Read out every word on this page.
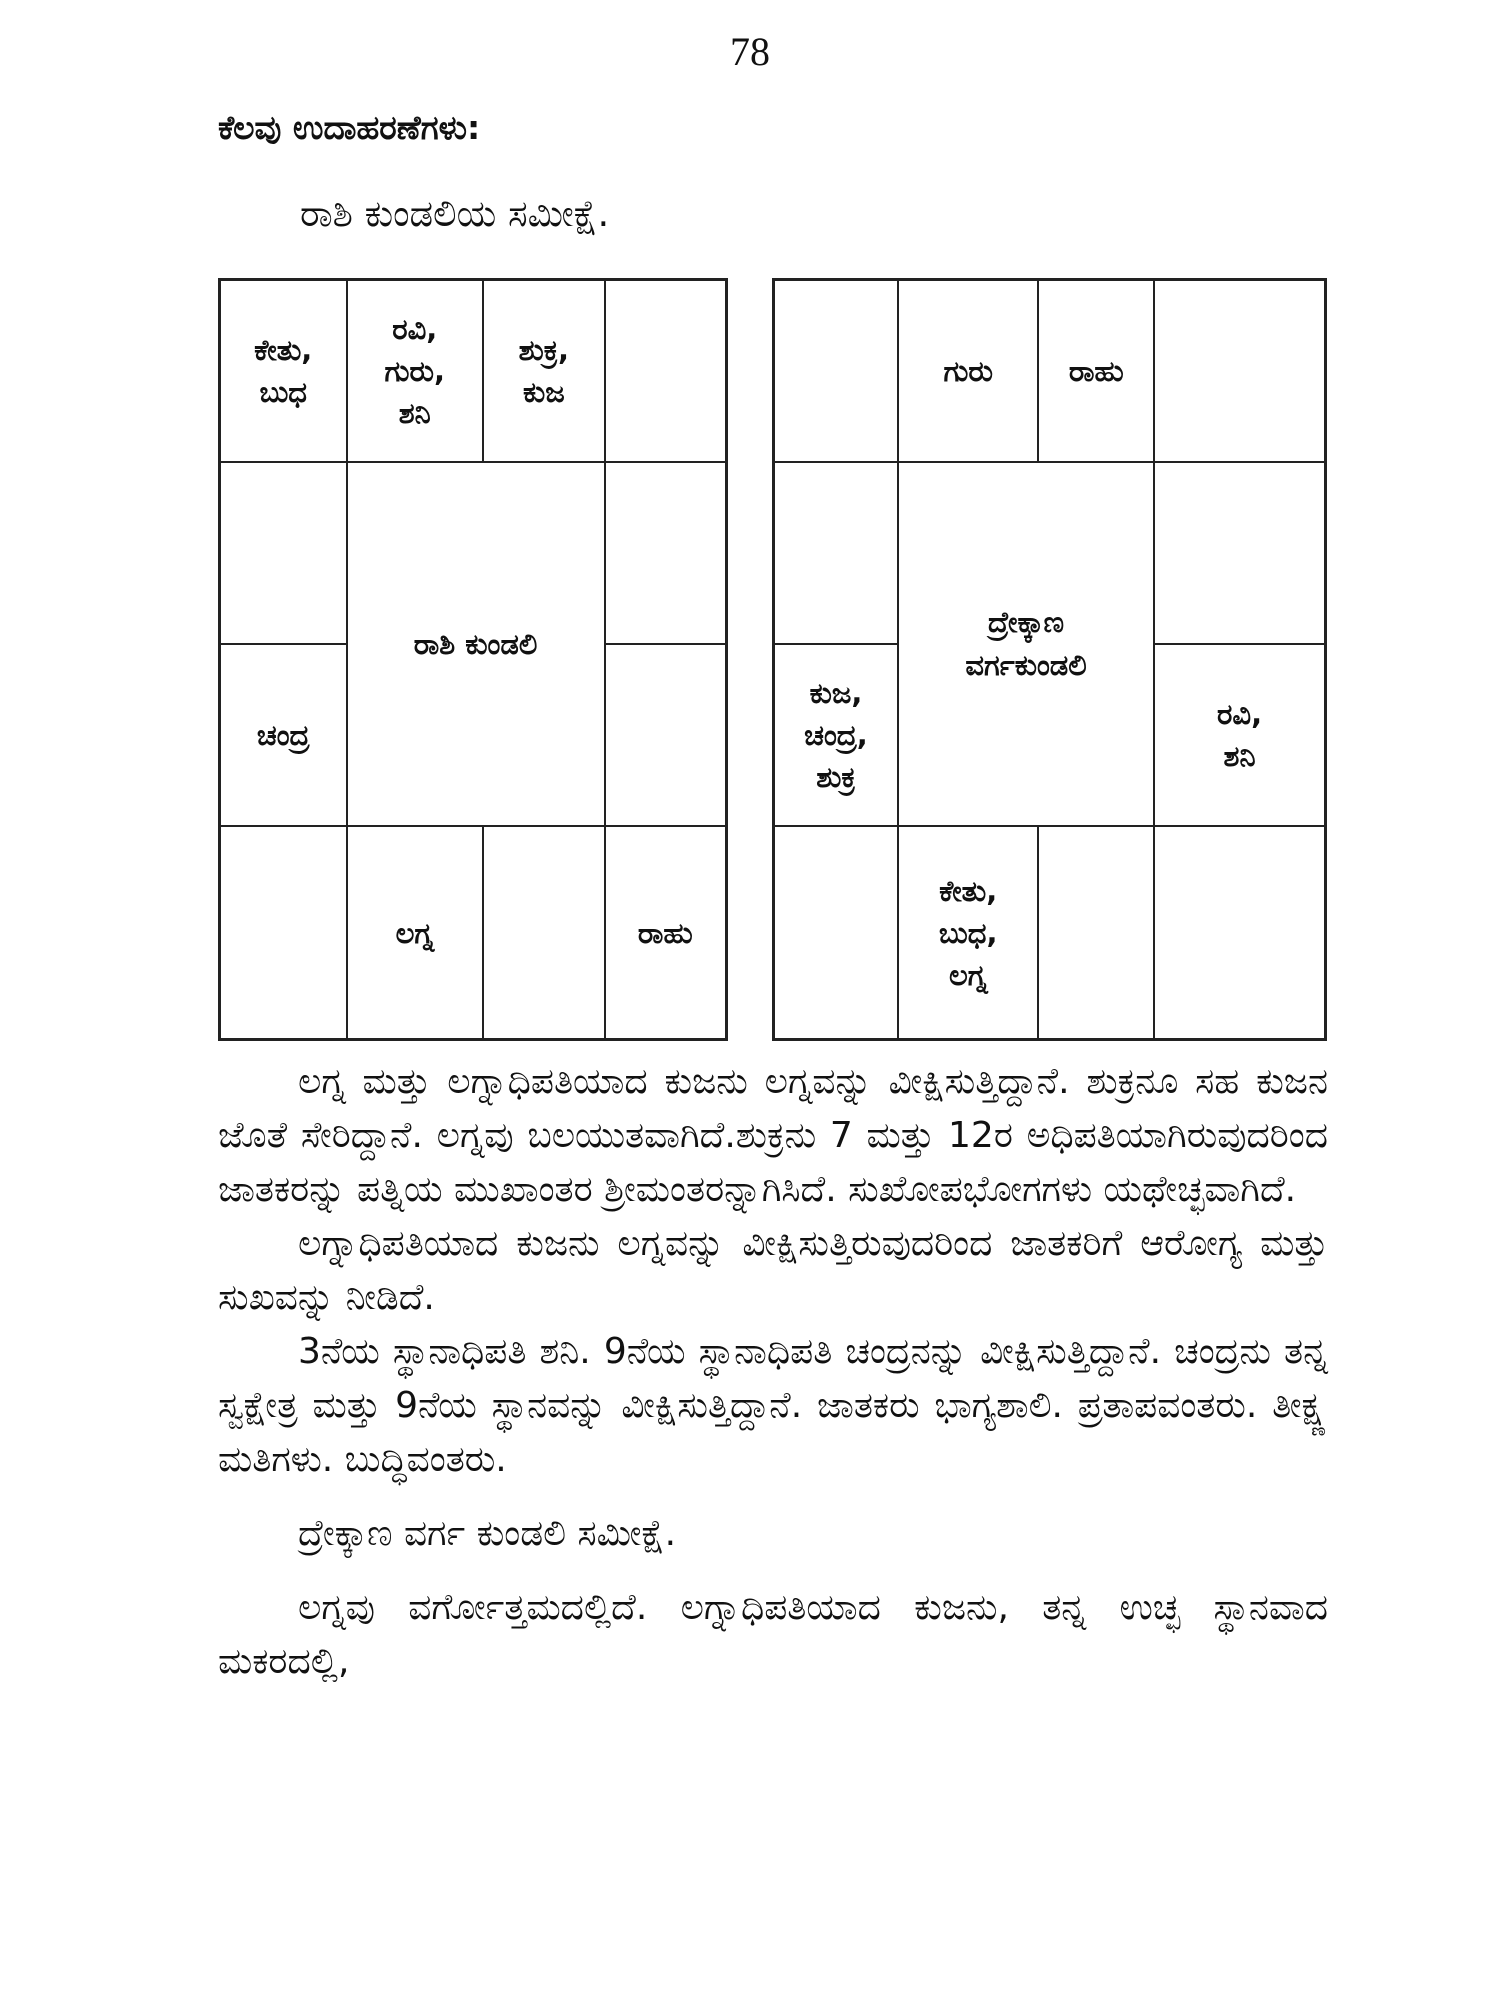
78
ಕೆಲವು ಉದಾಹರಣೆಗಳು:
ರಾಶಿ ಕುಂಡಲಿಯ ಸಮೀಕ್ಷೆ.
ಕೇತು,
ಬುಧ
ರವಿ,
ಗುರು,
ಶನಿ
ಶುಕ್ರ,
ಕುಜ
ರಾಶಿ ಕುಂಡಲಿ
ಚಂದ್ರ
ಲಗ್ನ	ರಾಹು
ಗುರು	ರಾಹು
ದ್ರೇಕ್ಕಾಣ
ವರ್ಗಕುಂಡಲಿ
ಕುಜ,
ಚಂದ್ರ,
ಶುಕ್ರ
ರವಿ,
ಶನಿ
ಕೇತು,
ಬುಧ,
ಲಗ್ನ

ಲಗ್ನ ಮತ್ತು ಲಗ್ನಾಧಿಪತಿಯಾದ ಕುಜನು ಲಗ್ನವನ್ನು ವೀಕ್ಷಿಸುತ್ತಿದ್ದಾನೆ. ಶುಕ್ರನೂ ಸಹ ಕುಜನ ಜೊತೆ ಸೇರಿದ್ದಾನೆ. ಲಗ್ನವು ಬಲಯುತವಾಗಿದೆ.ಶುಕ್ರನು 7 ಮತ್ತು 12ರ ಅಧಿಪತಿಯಾಗಿರುವುದರಿಂದ ಜಾತಕರನ್ನು ಪತ್ನಿಯ ಮುಖಾಂತರ ಶ್ರೀಮಂತರನ್ನಾಗಿಸಿದೆ. ಸುಖೋಪಭೋಗಗಳು ಯಥೇಚ್ಛವಾಗಿದೆ.

ಲಗ್ನಾಧಿಪತಿಯಾದ ಕುಜನು ಲಗ್ನವನ್ನು ವೀಕ್ಷಿಸುತ್ತಿರುವುದರಿಂದ ಜಾತಕರಿಗೆ ಆರೋಗ್ಯ ಮತ್ತು ಸುಖವನ್ನು ನೀಡಿದೆ.

3ನೆಯ ಸ್ಥಾನಾಧಿಪತಿ ಶನಿ. 9ನೆಯ ಸ್ಥಾನಾಧಿಪತಿ ಚಂದ್ರನನ್ನು ವೀಕ್ಷಿಸುತ್ತಿದ್ದಾನೆ. ಚಂದ್ರನು ತನ್ನ ಸ್ವಕ್ಷೇತ್ರ ಮತ್ತು 9ನೆಯ ಸ್ಥಾನವನ್ನು ವೀಕ್ಷಿಸುತ್ತಿದ್ದಾನೆ. ಜಾತಕರು ಭಾಗ್ಯಶಾಲಿ. ಪ್ರತಾಪವಂತರು. ತೀಕ್ಷ್ಣ ಮತಿಗಳು. ಬುದ್ಧಿವಂತರು.

ದ್ರೇಕ್ಕಾಣ ವರ್ಗ ಕುಂಡಲಿ ಸಮೀಕ್ಷೆ.

ಲಗ್ನವು ವರ್ಗೋತ್ತಮದಲ್ಲಿದೆ. ಲಗ್ನಾಧಿಪತಿಯಾದ ಕುಜನು, ತನ್ನ ಉಚ್ಛ ಸ್ಥಾನವಾದ ಮಕರದಲ್ಲಿ,
